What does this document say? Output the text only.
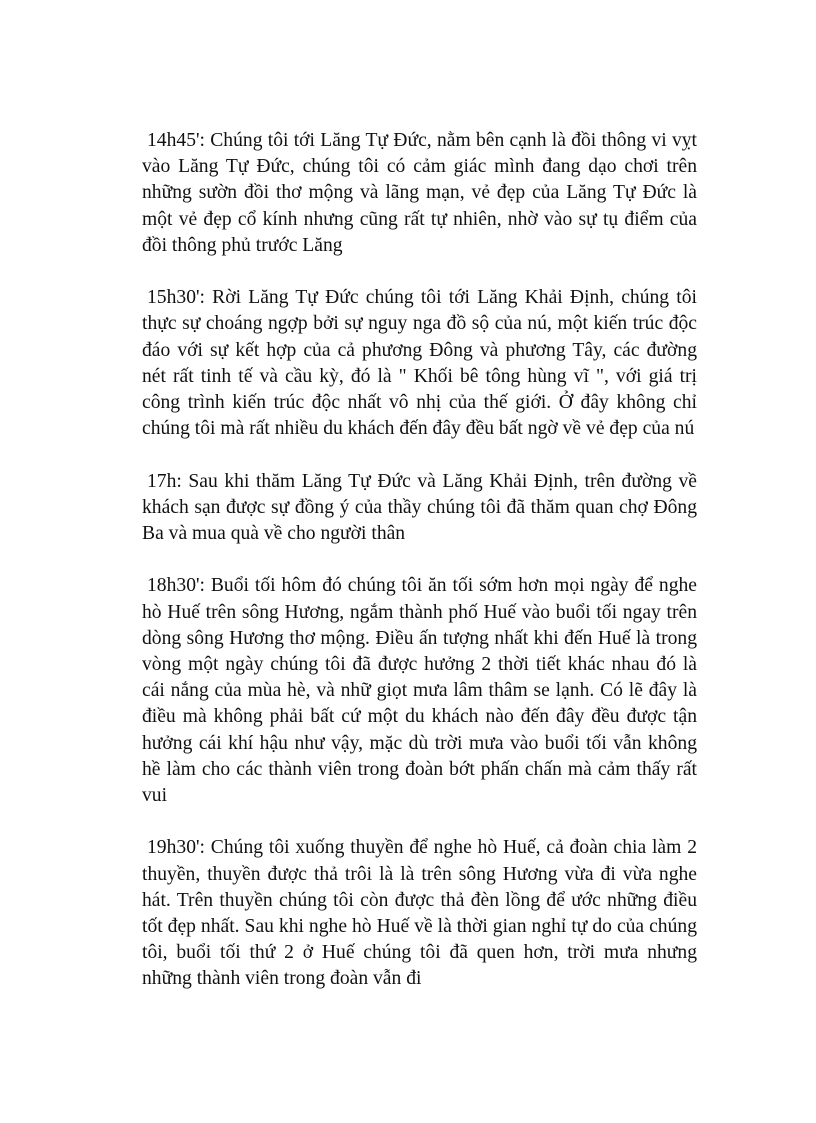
14h45': Chúng tôi tới Lăng Tự Đức, nằm bên cạnh là đồi thông vi vỵt vào Lăng Tự Đức, chúng tôi có cảm giác mình đang dạo chơi trên những sườn đồi thơ mộng và lãng mạn, vẻ đẹp của Lăng Tự Đức là một vẻ đẹp cổ kính nhưng cũng rất tự nhiên, nhờ vào sự tụ điểm của đồi thông phủ trước Lăng

15h30': Rời Lăng Tự Đức chúng tôi tới Lăng Khải Định, chúng tôi thực sự choáng ngợp bởi sự nguy nga đồ sộ của nú, một kiến trúc độc đáo với sự kết hợp của cả phương Đông và phương Tây, các đường nét rất tinh tế và cầu kỳ, đó là " Khối bê tông hùng vĩ ", với giá trị công trình kiến trúc độc nhất vô nhị của thế giới. Ở đây không chỉ chúng tôi mà rất nhiều du khách đến đây đều bất ngờ về vẻ đẹp của nú

17h: Sau khi thăm Lăng Tự Đức và Lăng Khải Định, trên đường về khách sạn được sự đồng ý của thầy chúng tôi đã thăm quan chợ Đông Ba và mua quà về cho người thân

18h30': Buổi tối hôm đó chúng tôi ăn tối sớm hơn mọi ngày để nghe hò Huế trên sông Hương, ngắm thành phố Huế vào buổi tối ngay trên dòng sông Hương thơ mộng. Điều ấn tượng nhất khi đến Huế là trong vòng một ngày chúng tôi đã được hưởng 2 thời tiết khác nhau đó là cái nắng của mùa hè, và nhữ giọt mưa lâm thâm se lạnh. Có lẽ đây là điều mà không phải bất cứ một du khách nào đến đây đều được tận hưởng cái khí hậu như vậy, mặc dù trời mưa vào buổi tối vẫn không hề làm cho các thành viên trong đoàn bớt phấn chấn mà cảm thấy rất vui

19h30': Chúng tôi xuống thuyền để nghe hò Huế, cả đoàn chia làm 2 thuyền, thuyền được thả trôi là là trên sông Hương vừa đi vừa nghe hát. Trên thuyền chúng tôi còn được thả đèn lồng để ước những điều tốt đẹp nhất. Sau khi nghe hò Huế về là thời gian nghỉ tự do của chúng tôi, buổi tối thứ 2 ở Huế chúng tôi đã quen hơn, trời mưa nhưng những thành viên trong đoàn vẫn đi
